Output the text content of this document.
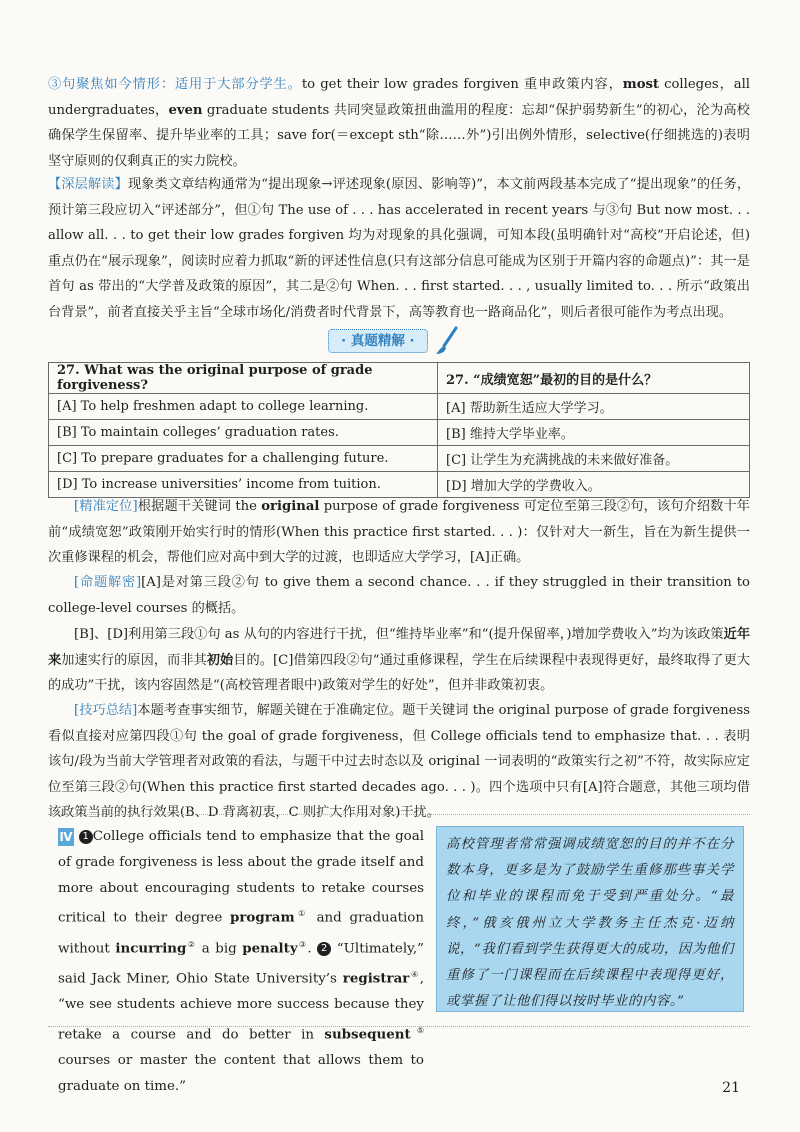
③句聚焦如今情形：适用于大部分学生。to get their low grades forgiven 重申政策内容，most colleges，all undergraduates，even graduate students 共同突显政策扭曲滥用的程度：忘却“保护弱势新生”的初心，沦为高校确保学生保留率、提升毕业率的工具；save for(＝except sth“除……外”)引出例外情形，selective(仔细挑选的)表明坚守原则的仅剩真正的实力院校。
【深层解读】现象类文章结构通常为“提出现象→评述现象(原因、影响等)”，本文前两段基本完成了“提出现象”的任务，预计第三段应切入“评述部分”，但①句 The use of . . . has accelerated in recent years 与③句 But now most. . . allow all. . . to get their low grades forgiven 均为对现象的具化强调，可知本段(虽明确针对“高校”开启论述，但)重点仍在“展示现象”，阅读时应着力抓取“新的评述性信息(只有这部分信息可能成为区别于开篇内容的命题点)”：其一是首句 as 带出的“大学普及政策的原因”，其二是②句 When. . . first started. . . , usually limited to. . . 所示“政策出台背景”，前者直接关乎主旨“全球市场化/消费者时代背景下，高等教育也一路商品化”，则后者很可能作为考点出现。
· 真题精解 ·
27. What was the original purpose of grade forgiveness?	27. “成绩宽恕”最初的目的是什么？
[A] To help freshmen adapt to college learning.	[A] 帮助新生适应大学学习。
[B] To maintain colleges’ graduation rates.	[B] 维持大学毕业率。
[C] To prepare graduates for a challenging future.	[C] 让学生为充满挑战的未来做好准备。
[D] To increase universities’ income from tuition.	[D] 增加大学的学费收入。
[精准定位]根据题干关键词 the original purpose of grade forgiveness 可定位至第三段②句，该句介绍数十年前“成绩宽恕”政策刚开始实行时的情形(When this practice first started. . . )：仅针对大一新生，旨在为新生提供一次重修课程的机会，帮他们应对高中到大学的过渡，也即适应大学学习，[A]正确。
[命题解密][A]是对第三段②句 to give them a second chance. . . if they struggled in their transition to college-level courses 的概括。
[B]、[D]利用第三段①句 as 从句的内容进行干扰，但“维持毕业率”和“(提升保留率，)增加学费收入”均为该政策近年来加速实行的原因，而非其初始目的。[C]借第四段②句“通过重修课程，学生在后续课程中表现得更好，最终取得了更大的成功”干扰，该内容固然是“(高校管理者眼中)政策对学生的好处”，但并非政策初衷。
[技巧总结]本题考查事实细节，解题关键在于准确定位。题干关键词 the original purpose of grade forgiveness 看似直接对应第四段①句 the goal of grade forgiveness，但 College officials tend to emphasize that. . . 表明该句/段为当前大学管理者对政策的看法，与题干中过去时态以及 original 一词表明的“政策实行之初”不符，故实际应定位至第三段②句(When this practice first started decades ago. . . )。四个选项中只有[A]符合题意，其他三项均借该政策当前的执行效果(B、D 背离初衷，C 则扩大作用对象)干扰。
Ⅳ 1 College officials tend to emphasize that the goal of grade forgiveness is less about the grade itself and more about encouraging students to retake courses critical to their degree program① and graduation without incurring② a big penalty③. 2 “Ultimately,” said Jack Miner, Ohio State University’s registrar④, “we see students achieve more success because they retake a course and do better in subsequent⑤ courses or master the content that allows them to graduate on time.”
高校管理者常常强调成绩宽恕的目的并不在分数本身，更多是为了鼓励学生重修那些事关学位和毕业的课程而免于受到严重处分。“最终，”俄亥俄州立大学教务主任杰克·迈纳说，“我们看到学生获得更大的成功，因为他们重修了一门课程而在后续课程中表现得更好，或掌握了让他们得以按时毕业的内容。”
21
